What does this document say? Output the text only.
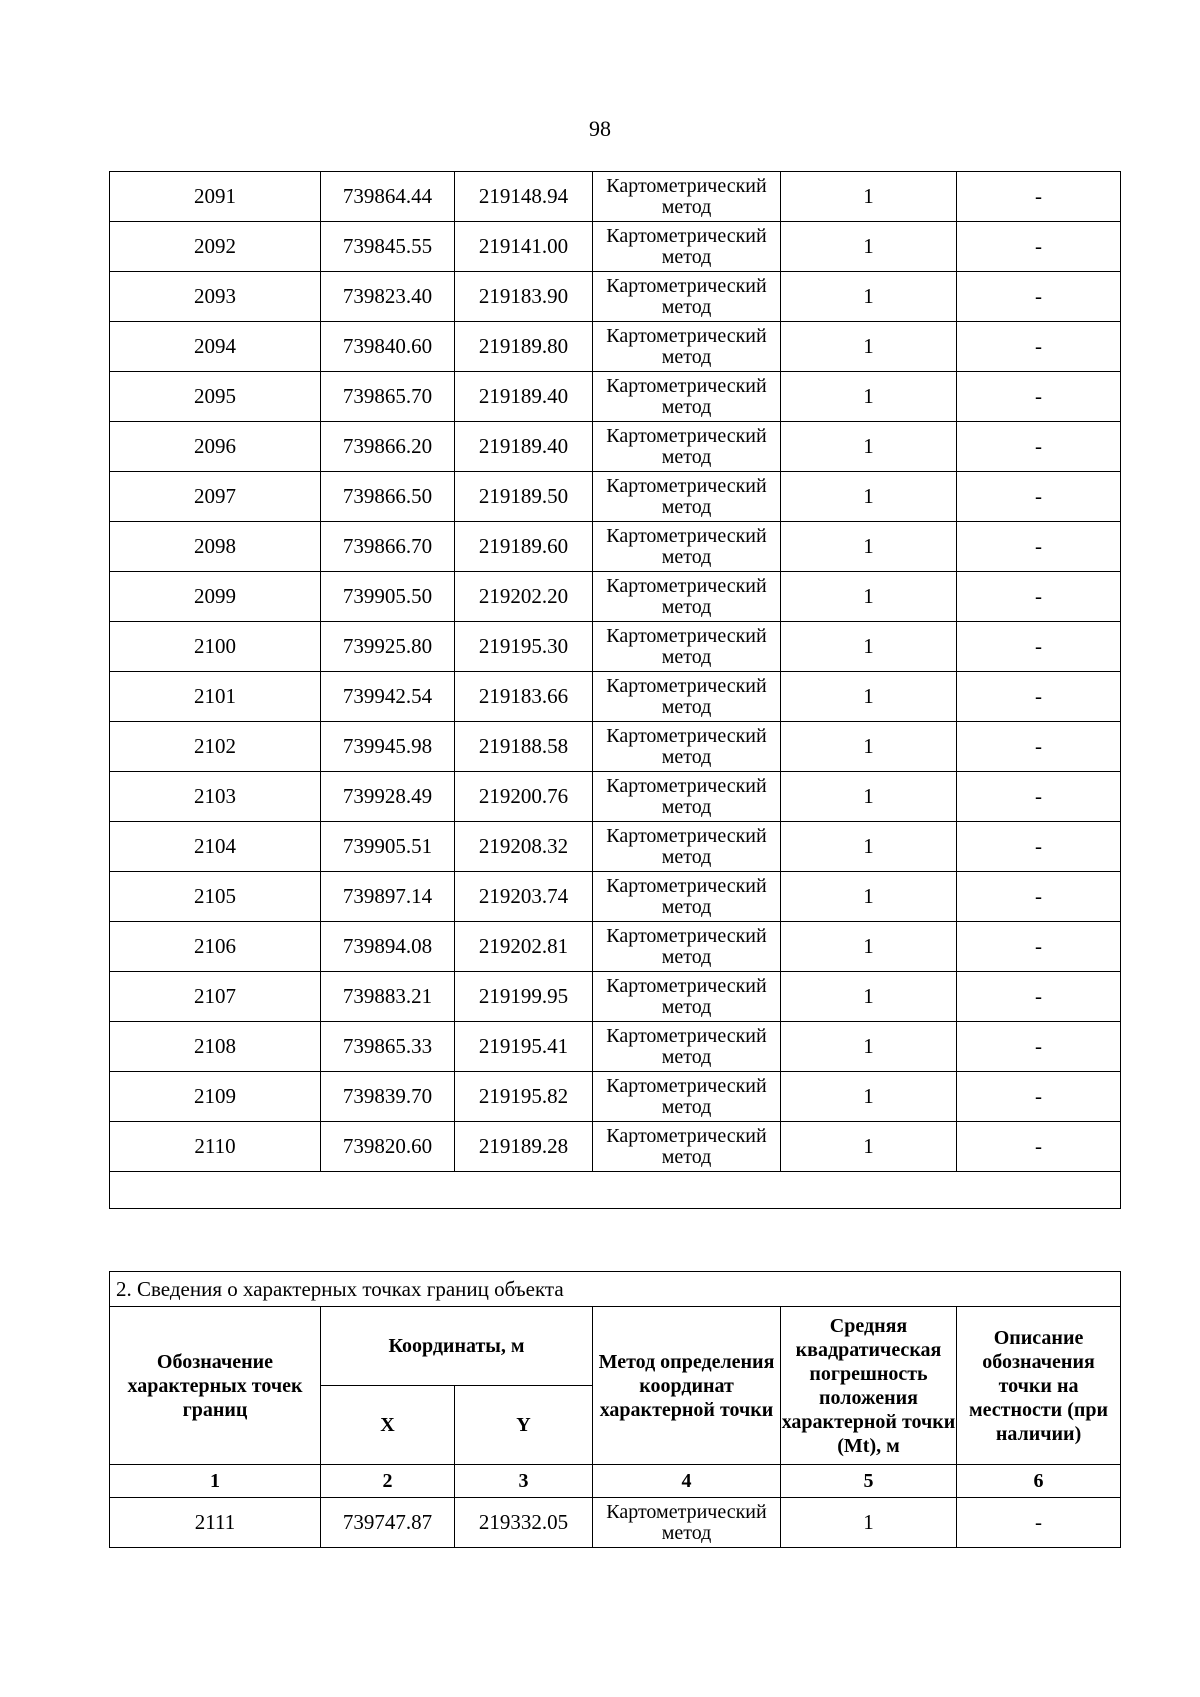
98
2091	739864.44	219148.94	Картометрический метод	1	-
2092	739845.55	219141.00	Картометрический метод	1	-
2093	739823.40	219183.90	Картометрический метод	1	-
2094	739840.60	219189.80	Картометрический метод	1	-
2095	739865.70	219189.40	Картометрический метод	1	-
2096	739866.20	219189.40	Картометрический метод	1	-
2097	739866.50	219189.50	Картометрический метод	1	-
2098	739866.70	219189.60	Картометрический метод	1	-
2099	739905.50	219202.20	Картометрический метод	1	-
2100	739925.80	219195.30	Картометрический метод	1	-
2101	739942.54	219183.66	Картометрический метод	1	-
2102	739945.98	219188.58	Картометрический метод	1	-
2103	739928.49	219200.76	Картометрический метод	1	-
2104	739905.51	219208.32	Картометрический метод	1	-
2105	739897.14	219203.74	Картометрический метод	1	-
2106	739894.08	219202.81	Картометрический метод	1	-
2107	739883.21	219199.95	Картометрический метод	1	-
2108	739865.33	219195.41	Картометрический метод	1	-
2109	739839.70	219195.82	Картометрический метод	1	-
2110	739820.60	219189.28	Картометрический метод	1	-

2. Сведения о характерных точках границ объекта					
Обозначение характерных точек границ	Координаты, м		Метод определения координат характерной точки	Средняя квадратическая погрешность положения характерной точки (Mt), м	Описание обозначения точки на местности (при наличии)
	X	Y			
1	2	3	4	5	6
2111	739747.87	219332.05	Картометрический метод	1	-
